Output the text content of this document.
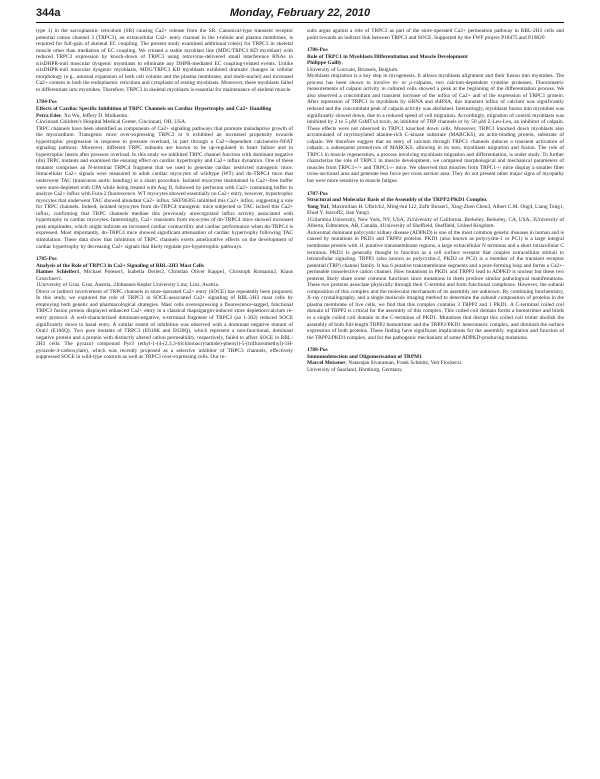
344a	Monday, February 22, 2010

type 1) in the sarcoplasmic reticulum (SR) causing Ca2+ release from the SR. Canonical-type transient receptor potential cation channel 3 (TRPC3), an extracellular Ca2+ entry channel in the t-tubule and plasma membrane, is required for full-gain of skeletal EC coupling. The present study examined additional role(s) for TRPC3 in skeletal muscle other than mediation of EC coupling. We created a stable myoblast line (MDG/TRPC3 KD myoblast) with reduced TRPC3 expression by knock-down of TRPC3 using retrovirus-delivered small interference RNAs in α1sDHPR-null muscular dysgenic myoblasts to eliminate any DHPR-mediated EC coupling-related events. Unlike α1sDHPR-null muscular dysgenic myoblasts, MDG/TRPC3 KD myoblasts exhibited dramatic changes in cellular morphology (e.g., unusual expansion of both cell volume and the plasma membrane, and multi-nuclei) and increased Ca2+ content in both the endoplasmic reticulum and cytoplasm of resting myoblasts. Moreover, these myoblasts failed to differentiate into myotubes. Therefore, TRPC3 in skeletal myoblasts is essential for maintenance of skeletal muscle.

1784-Pos

Effects of Cardiac Specific Inhibition of TRPC Channels on Cardiac Hypertrophy and Ca2+ Handling

Petra Eder, Xu Wu, Jeffery D. Molkentin.

Cincinnati Children's Hospital Medical Center, Cincinnati, OH, USA.

TRPC channels have been identified as components of Ca2+ signaling pathways that promote maladaptive growth of the myocardium. Transgenic mice over-expressing TRPC3 or 6 exhibited an increased propensity towards hypertrophic progression in response to pressure overload, in part through a Ca2+-dependent calcineurin-NFAT signaling pathway. Moreover, different TRPC subunits are known to be up-regulated in heart failure and in hypertrophic hearts after pressure overload. In this study we inhibited TRPC channel function with dominant negative (dn) TRPC mutants and examined the ensuing effect on cardiac hypertrophy and Ca2+ influx dynamics. One of these mutants comprises an N-terminal TRPC4 fragment that we used to generate cardiac restricted transgenic mice. Intracellular Ca2+ signals were measured in adult cardiac myocytes of wildtype (WT) and dn-TRPC4 mice that underwent TAC (transverse aortic banding) or a sham procedure. Isolated myocytes maintained in Ca2+-free buffer were store-depleted with CPA while being treated with Ang II, followed by perfusion with Ca2+ containing buffer to analyze Ca2+ influx with Fura-2 fluorescence. WT myocytes showed essentially no Ca2+ entry, however, hypertrophic myocytes that underwent TAC showed abundant Ca2+ influx. SKF96365 inhibited this Ca2+ influx, suggesting a role for TRPC channels. Indeed, isolated myocytes from dn-TRPC4 transgenic mice subjected to TAC lacked this Ca2+ influx, confirming that TRPC channels mediate this previously unrecognized influx activity associated with hypertrophy in cardiac myocytes. Interestingly, Ca2+ transients from myocytes of dn-TRPC4 mice showed increased peak amplitudes, which might indicate an increased cardiac contractility and cardiac performance when dn-TRPC4 is expressed. Most importantly, dn-TRPC4 mice showed significant attenuation of cardiac hypertrophy following TAC stimulation. These data show that inhibition of TRPC channels exerts ameliorative effects on the development of cardiac hypertrophy by decreasing Ca2+ signals that likely regulate pro-hypertrophic pathways.

1785-Pos

Analysis of the Role of TRPC3 in Ca2+ Signaling of RBL-2H3 Mast Cells

Hannes Schleifer1, Michael Poteser1, Isabella Derler2, Christian Oliver Kappe1, Christoph Romanin2, Klaus Groschner1.

1University of Graz, Graz, Austria, 2Johannes Kepler University Linz, Linz, Austria.

Direct or indirect involvement of TRPC channels in store-operated Ca2+ entry (SOCE) has repeatedly been proposed. In this study, we explored the role of TRPC3 in SOCE-associated Ca2+ signaling of RBL-2H3 mast cells by employing both genetic and pharmacological strategies. Mast cells overexpressing a fluorescence-tagged, functional TRPC3 fusion protein displayed enhanced Ca2+ entry in a classical thapsigargin-induced store depletion/calcium re-entry protocol. A well-characterized dominant-negative, n-terminal fragment of TRPC3 (aa 1-302) reduced SOCE significantly down to basal entry. A similar extent of inhibition was observed with a dominant negative mutant of Orai1 (E106Q). Two pore mutants of TRPC3 (E616K and E630Q), which represent a non-functional, dominant negative protein and a protein with distinctly altered cation permeability, respectively, failed to affect SOCE in RBL-2H3 cells. The pyrazol compound Pyr3 (ethyl-1-(4-(2,3,3-trichloroacrylamide)-phenyl)-5-(trifluoromethyl)-1H-pyrazole-4-carboxylate), which was recently proposed as a selective inhibitor of TRPC3 channels, effectively suppressed SOCE in wild-type controls as well as TRPC3 over-expressing cells. Our re-

sults argue against a role of TRPC3 as part of the store-operated Ca2+ permeation pathway in RBL-2H3 cells and point towards an indirect link between TRPC3 and SOCE. Supported by the FWF project P18475 and P19820

1786-Pos

Role of TRPC1 in Myoblasts Differentiation and Muscle Development

Philippe Gailly.

University of Louvain, Brussels, Belgium.

Myoblasts migration is a key step in myogenesis. It allows myoblasts alignment and their fusion into myotubes. The process has been shown to involve m- or μ-calpains, two calcium-dependent cysteine proteases. Fluorometric measurements of calpain activity in cultured cells showed a peak at the beginning of the differentiation process. We also observed a concomitant and transient increase of the influx of Ca2+ and of the expression of TRPC1 protein. After repression of TRPC1 in myoblasts by siRNA and shRNA, this transient influx of calcium was significantly reduced and the concomitant peak of calpain activity was abolished. Interestingly, myoblasts fusion into myotubes was significantly slowed down, due to a reduced speed of cell migration. Accordingly, migration of control myoblasts was inhibited by 2 to 5 μM GsMTx4 toxin, an inhibitor of TRP channels or by 50 μM Z-Leu-Leu, an inhibitor of calpain. These effects were not observed in TRPC1 knocked down cells. Moreover, TRPC1 knocked down myoblasts also accumulated of myristoylated alanine-rich C-kinase substrate (MARCKS), an actin-binding protein, substrate of calpain. We therefore suggest that an entry of calcium through TRPC1 channels induces a transient activation of calpain, a subsequent proteolysis of MARCKS, allowing in its turn, myoblasts migration and fusion. The role of TRPC1 in muscle regeneration, a process involving myoblasts migration and differentiation, is under study. To further characterize the role of TRPC1 in muscle development, we compared morphological and mechanical parameters of muscles from TRPC1+/+ and TRPC1-/- mice. We observed that muscles from TRPC1-/- mice display a smaller fiber cross-sectional area and generate less force per cross section area. They do not present other major signs of myopathy but were more sensitive to muscle fatigue.

1787-Pos

Structural and Molecular Basis of the Assembly of the TRPP2/PKD1 Complex

Yong Yu1, Maximilian H. Ulbrich2, Ming-hui Li2, Zafir Buraei1, Xing-Zhen Chen3, Albert C.M. Ong4, Liang Tong1, Ehud Y. Isacoff2, Jian Yang1.

1Columbia University, New York, NY, USA, 2University of California, Berkeley, Berkeley, CA, USA, 3University of Alberta, Edmonton, AB, Canada, 4University of Sheffield, Sheffield, United Kingdom.

Autosomal dominant polycystic kidney disease (ADPKD) is one of the most common genetic diseases in human and is caused by mutations in PKD1 and TRPP2 proteins. PKD1 (also known as polycystin-1 or PC1) is a large integral membrane protein with 11 putative transmembrane regions, a large extracellular N terminus and a short intracellular C terminus. PKD1 is generally thought to function as a cell surface receptor that couples extracellular stimuli to intracellular signaling. TRPP2 (also known as polycystin-2, PKD2 or PC2) is a member of the transient receptor potential (TRP) channel family. It has 6 putative transmembrane segments and a pore-forming loop and forms a Ca2+-permeable nonselective cation channel. How mutations in PKD1 and TRPP2 lead to ADPKD is unclear but these two proteins likely share some common functions since mutations in them produce similar pathological manifestations. These two proteins associate physically through their C-termini and form functional complexes. However, the subunit composition of this complex and the molecular mechanism of its assembly are unknown. By combining biochemistry, X-ray crystallography, and a single molecule imaging method to determine the subunit composition of proteins in the plasma membrane of live cells, we find that this complex contains 3 TRPP2 and 1 PKD1. A C-terminal coiled coil domain of TRPP2 is critical for the assembly of this complex. This coiled coil domain forms a homotrimer and binds to a single coiled coil domain in the C-terminus of PKD1. Mutations that disrupt this coiled coil trimer abolish the assembly of both full-length TRPP2 homotrimer and the TRPP2/PKD1 heteromeric complex, and diminish the surface expression of both proteins. These finding have significant implications for the assembly, regulation and function of the TRPP2/PKD1 complex, and for the pathogenic mechanism of some ADPKD-producing mutations.

1788-Pos

Immunodetection and Oligomerisation of TRPM1

Marcel Meissner, Natarajan Sivaraman, Frank Schmitz, Veit Flockerzi.

University of Saarland, Homburg, Germany.
